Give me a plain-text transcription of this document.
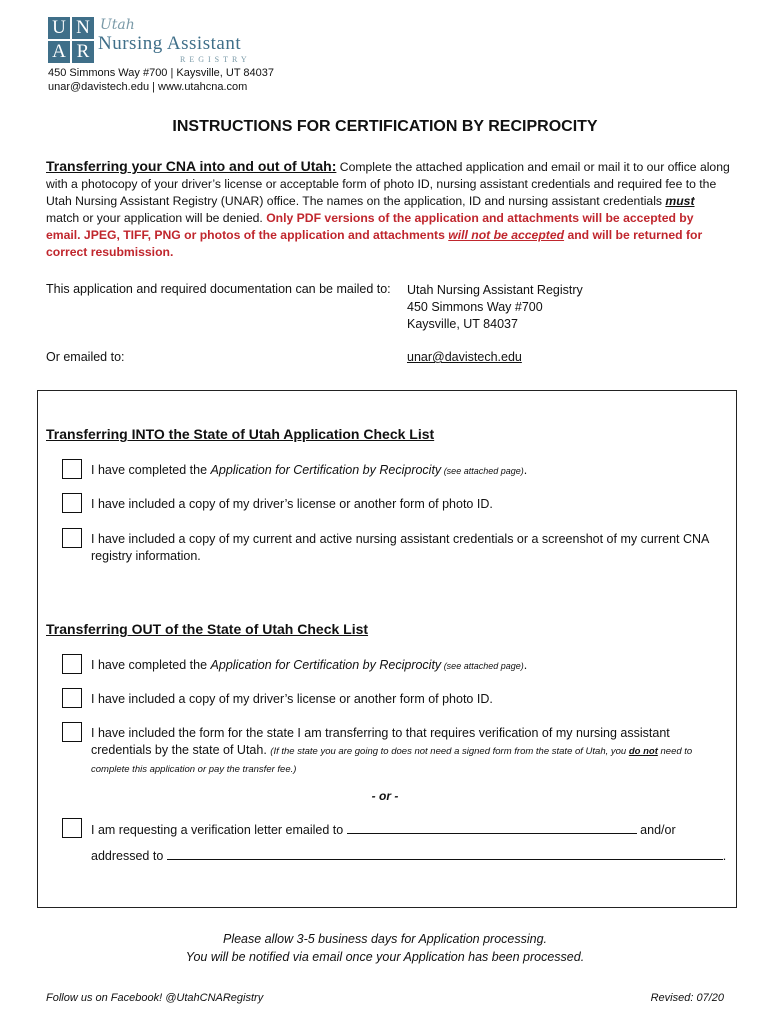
U N
A R
Utah
Nursing Assistant
REGISTRY
450 Simmons Way #700 | Kaysville, UT 84037
unar@davistech.edu | www.utahcna.com
INSTRUCTIONS FOR CERTIFICATION BY RECIPROCITY
Transferring your CNA into and out of Utah: Complete the attached application and email or mail it to our office along with a photocopy of your driver’s license or acceptable form of photo ID, nursing assistant credentials and required fee to the Utah Nursing Assistant Registry (UNAR) office. The names on the application, ID and nursing assistant credentials must match or your application will be denied. Only PDF versions of the application and attachments will be accepted by email. JPEG, TIFF, PNG or photos of the application and attachments will not be accepted and will be returned for correct resubmission.
This application and required documentation can be mailed to: Utah Nursing Assistant Registry
450 Simmons Way #700
Kaysville, UT 84037
Or emailed to:	unar@davistech.edu
Transferring INTO the State of Utah Application Check List
I have completed the Application for Certification by Reciprocity (see attached page).
I have included a copy of my driver’s license or another form of photo ID.
I have included a copy of my current and active nursing assistant credentials or a screenshot of my current CNA registry information.
Transferring OUT of the State of Utah Check List
I have completed the Application for Certification by Reciprocity (see attached page).
I have included a copy of my driver’s license or another form of photo ID.
I have included the form for the state I am transferring to that requires verification of my nursing assistant credentials by the state of Utah. (If the state you are going to does not need a signed form from the state of Utah, you do not need to complete this application or pay the transfer fee.)
- or -
I am requesting a verification letter emailed to	and/or
addressed to	.
Please allow 3-5 business days for Application processing.
You will be notified via email once your Application has been processed.
Follow us on Facebook! @UtahCNARegistry	Revised: 07/20
